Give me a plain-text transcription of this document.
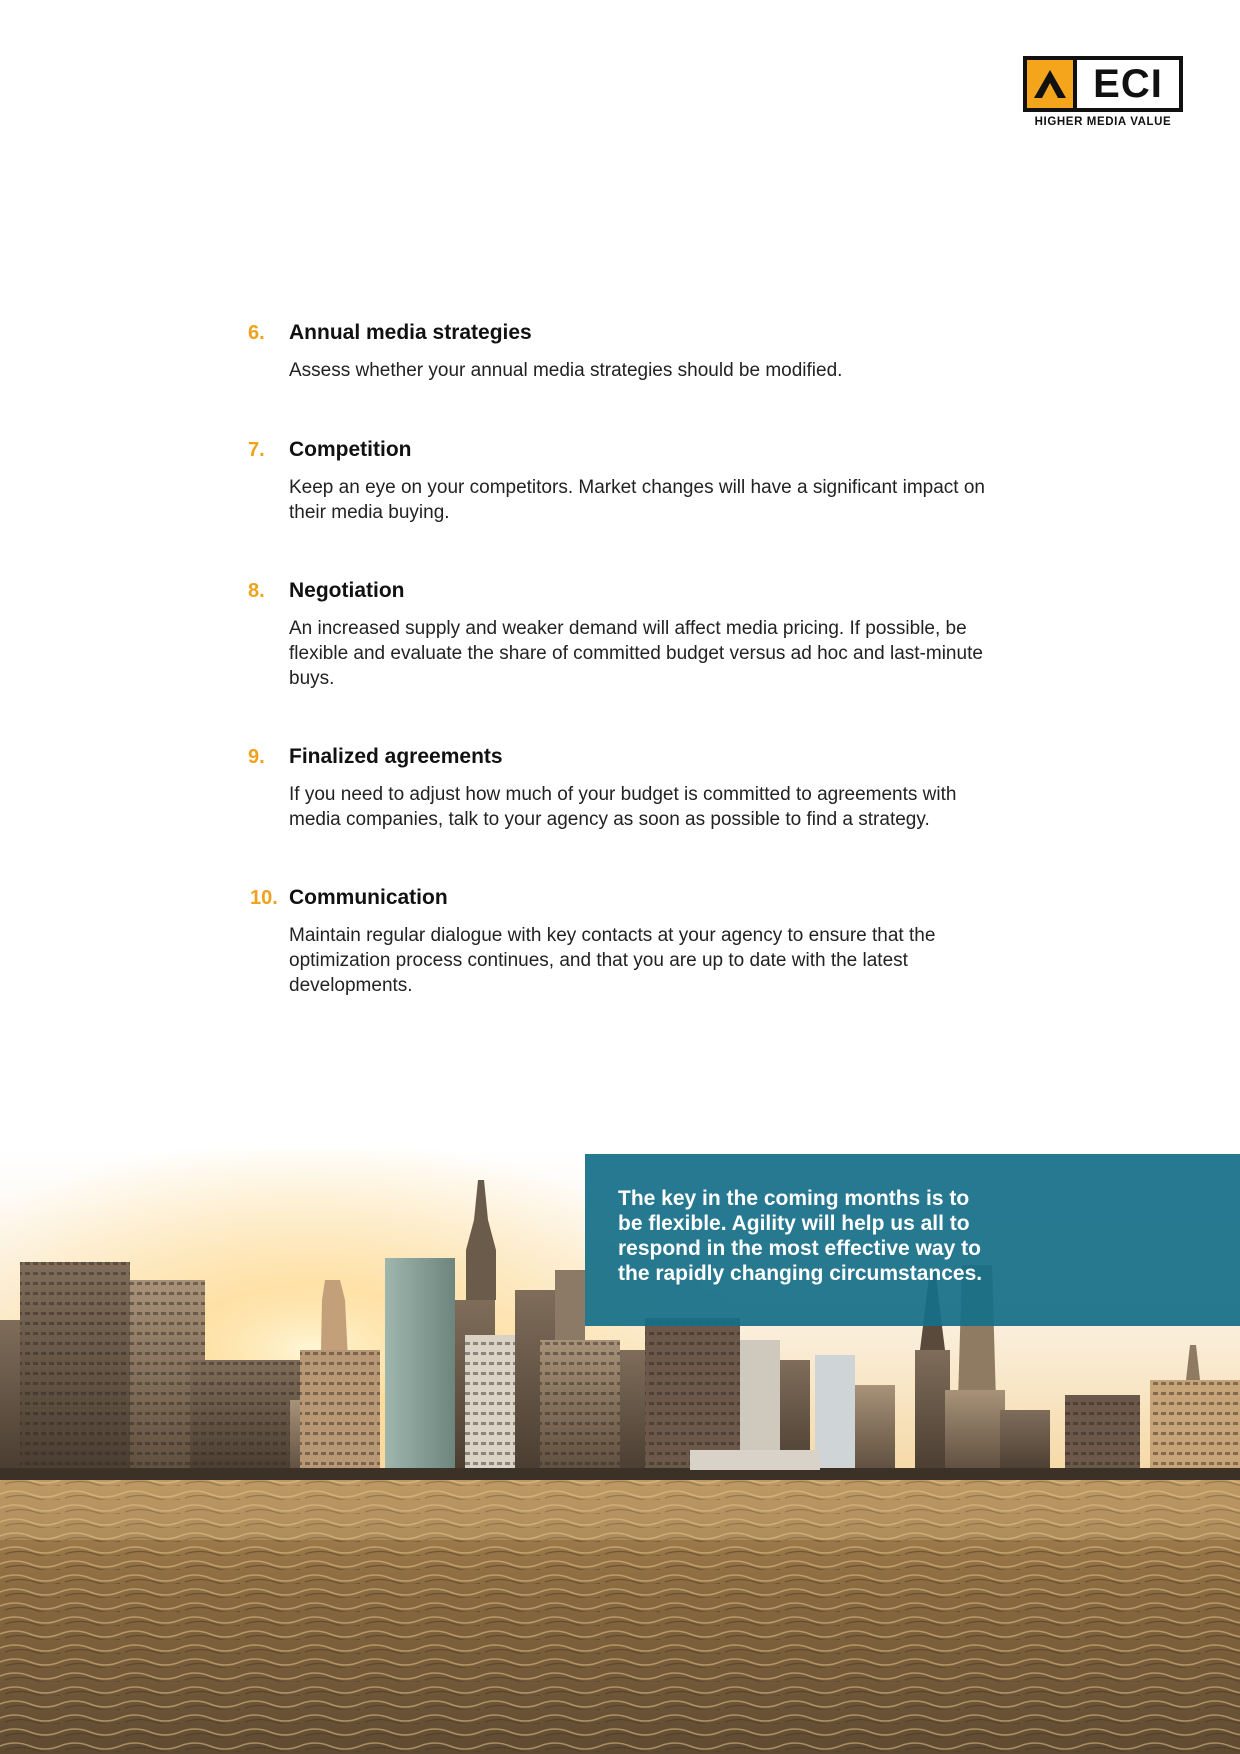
ECI
HIGHER MEDIA VALUE
6. Annual media strategies
Assess whether your annual media strategies should be modified.
7. Competition
Keep an eye on your competitors. Market changes will have a significant impact on their media buying.
8. Negotiation
An increased supply and weaker demand will affect media pricing. If possible, be flexible and evaluate the share of committed budget versus ad hoc and last-minute buys.
9. Finalized agreements
If you need to adjust how much of your budget is committed to agreements with media companies, talk to your agency as soon as possible to find a strategy.
10. Communication
Maintain regular dialogue with key contacts at your agency to ensure that the optimization process continues, and that you are up to date with the latest developments.
The key in the coming months is to be flexible. Agility will help us all to respond in the most effective way to the rapidly changing circumstances.
